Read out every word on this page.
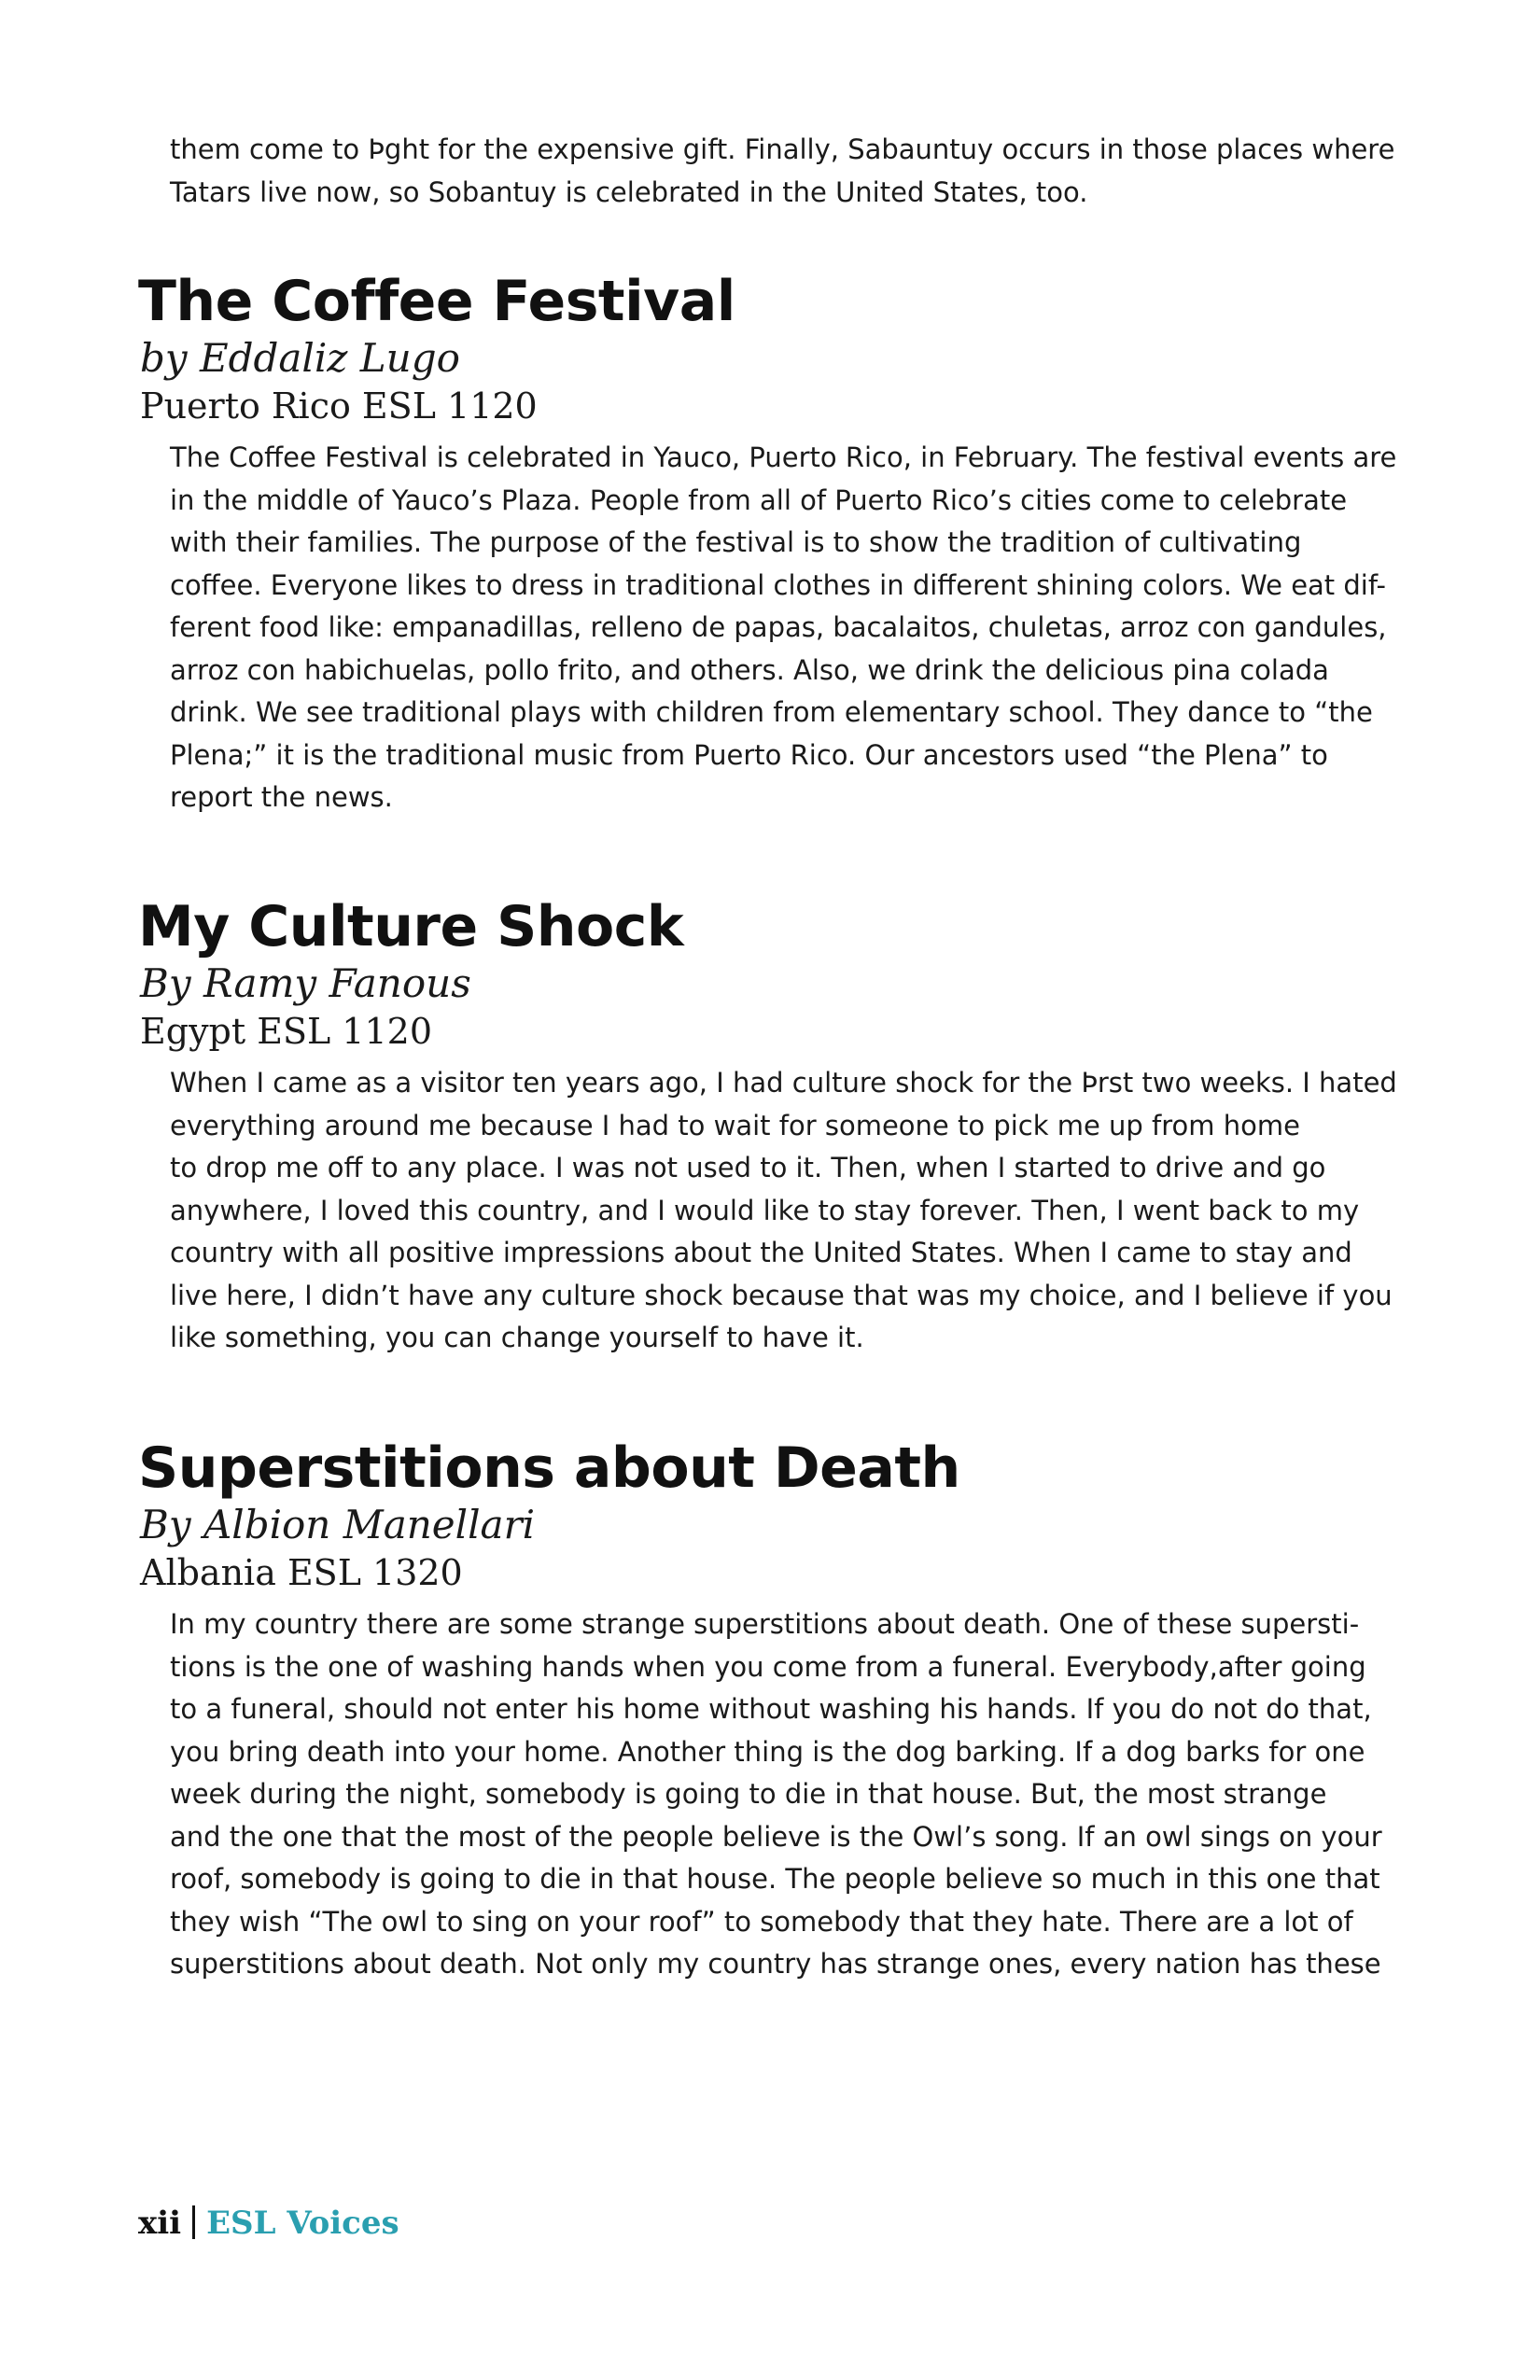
them come to Þght for the expensive gift. Finally, Sabauntuy occurs in those places where
Tatars live now, so Sobantuy is celebrated in the United States, too.
The Coffee Festival

by Eddaliz Lugo

Puerto Rico ESL 1120

The Coffee Festival is celebrated in Yauco, Puerto Rico, in February. The festival events are
in the middle of Yauco’s Plaza. People from all of Puerto Rico’s cities come to celebrate
with their families. The purpose of the festival is to show the tradition of cultivating
coffee. Everyone likes to dress in traditional clothes in different shining colors. We eat dif-
ferent food like: empanadillas, relleno de papas, bacalaitos, chuletas, arroz con gandules,
arroz con habichuelas, pollo frito, and others. Also, we drink the delicious pina colada
drink. We see traditional plays with children from elementary school. They dance to “the
Plena;” it is the traditional music from Puerto Rico. Our ancestors used “the Plena” to
report the news.
My Culture Shock

By Ramy Fanous

Egypt ESL 1120

When I came as a visitor ten years ago, I had culture shock for the Þrst two weeks. I hated
everything around me because I had to wait for someone to pick me up from home
to drop me off to any place. I was not used to it. Then, when I started to drive and go
anywhere, I loved this country, and I would like to stay forever. Then, I went back to my
country with all positive impressions about the United States. When I came to stay and
live here, I didn’t have any culture shock because that was my choice, and I believe if you
like something, you can change yourself to have it.
Superstitions about Death

By Albion Manellari

Albania ESL 1320

In my country there are some strange superstitions about death. One of these supersti-
tions is the one of washing hands when you come from a funeral. Everybody,after going
to a funeral, should not enter his home without washing his hands. If you do not do that,
you bring death into your home. Another thing is the dog barking. If a dog barks for one
week during the night, somebody is going to die in that house. But, the most strange
and the one that the most of the people believe is the Owl’s song. If an owl sings on your
roof, somebody is going to die in that house. The people believe so much in this one that
they wish “The owl to sing on your roof” to somebody that they hate. There are a lot of
superstitions about death. Not only my country has strange ones, every nation has these
xii ESL Voices
